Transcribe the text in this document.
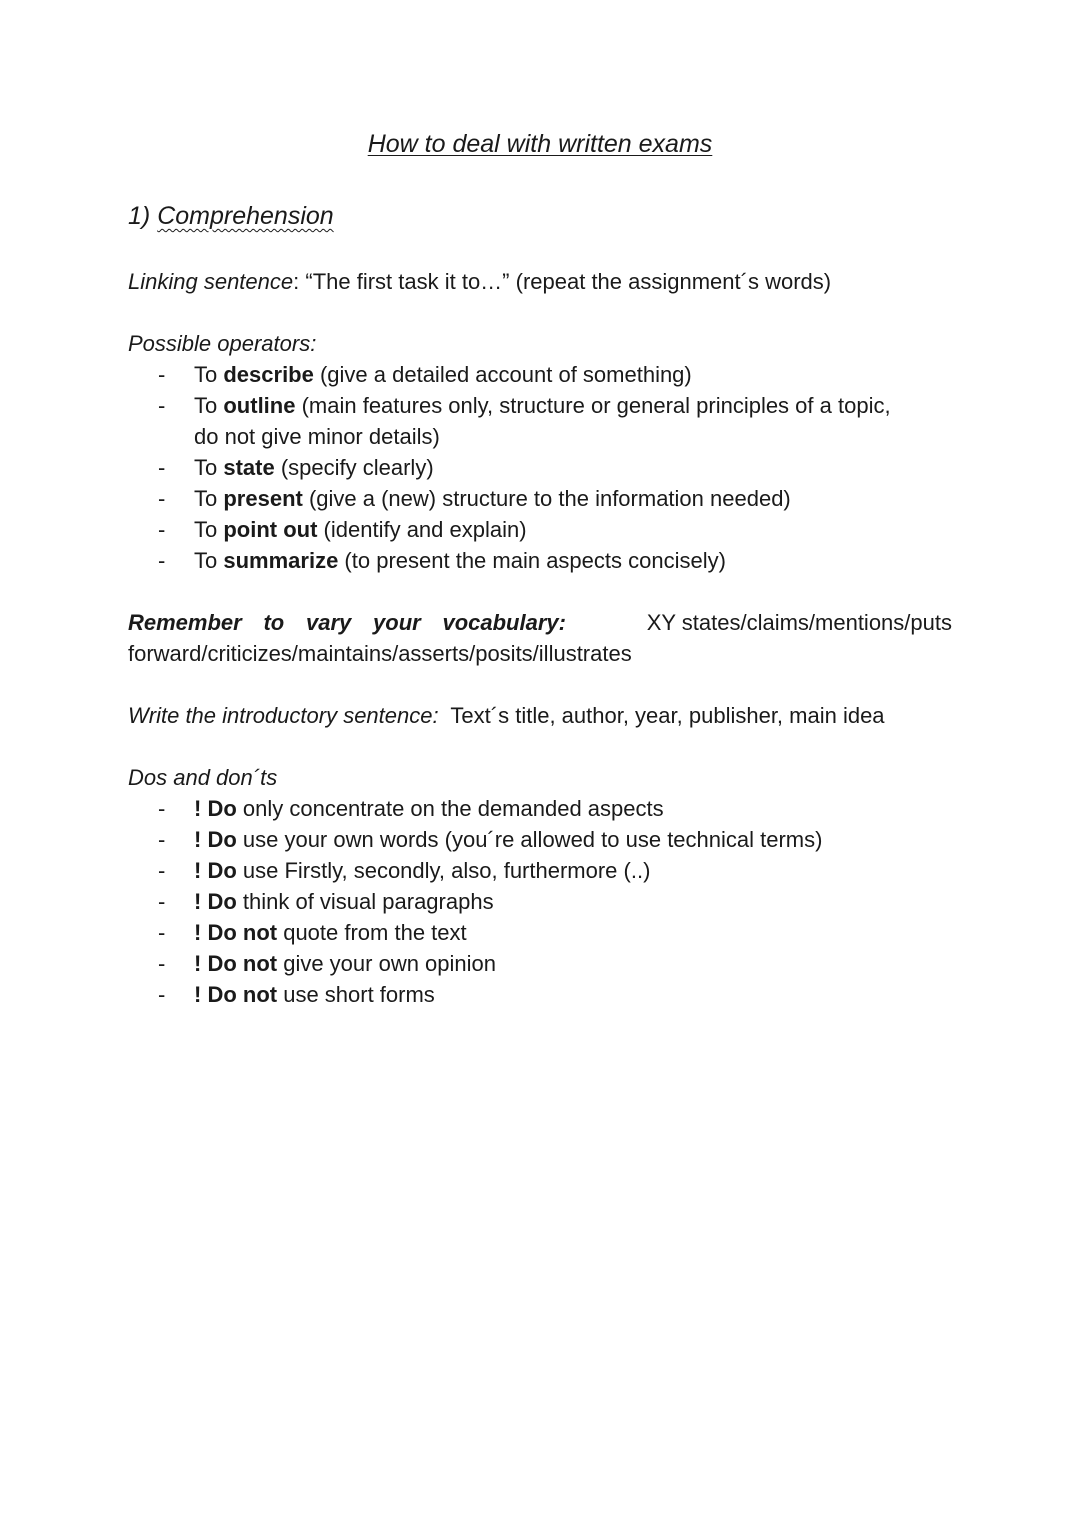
How to deal with written exams
1) Comprehension
Linking sentence: “The first task it to…” (repeat the assignment´s words)
Possible operators:
- To describe (give a detailed account of something)
- To outline (main features only, structure or general principles of a topic,
do not give minor details)
- To state (specify clearly)
- To present (give a (new) structure to the information needed)
- To point out (identify and explain)
- To summarize (to present the main aspects concisely)
Remember to vary your vocabulary:	XY states/claims/mentions/puts
forward/criticizes/maintains/asserts/posits/illustrates
Write the introductory sentence:  Text´s title, author, year, publisher, main idea
Dos and don´ts
- ! Do only concentrate on the demanded aspects
- ! Do use your own words (you´re allowed to use technical terms)
- ! Do use Firstly, secondly, also, furthermore (..)
- ! Do think of visual paragraphs
- ! Do not quote from the text
- ! Do not give your own opinion
- ! Do not use short forms
